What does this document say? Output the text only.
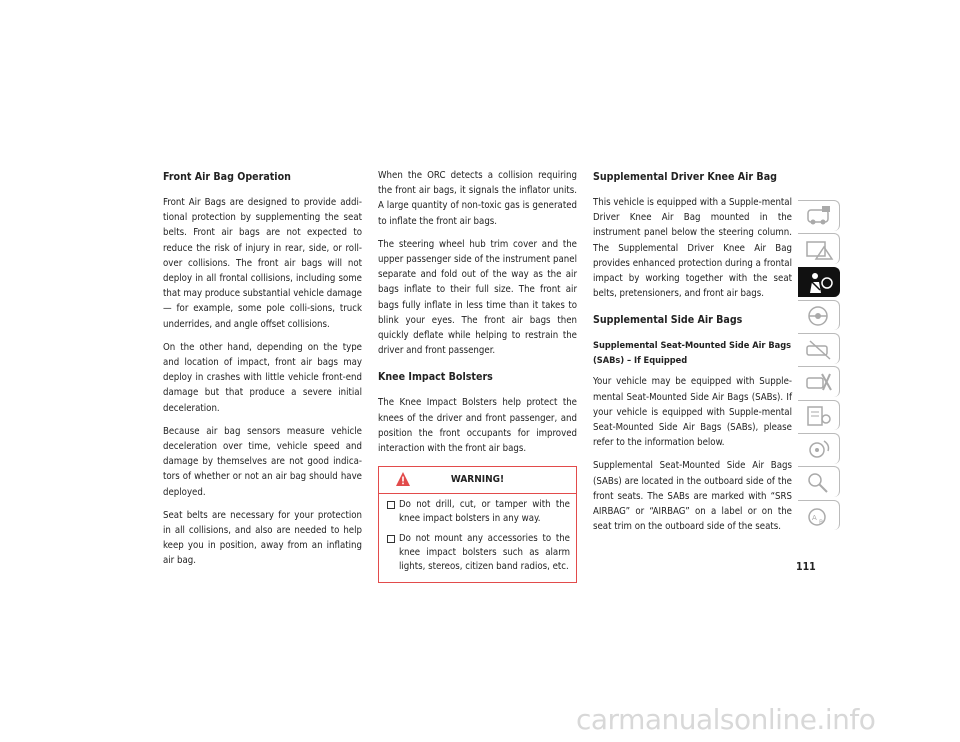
Front Air Bag Operation

Front Air Bags are designed to provide addi-tional protection by supplementing the seat belts. Front air bags are not expected to reduce the risk of injury in rear, side, or roll-over collisions. The front air bags will not deploy in all frontal collisions, including some that may produce substantial vehicle damage — for example, some pole colli-sions, truck underrides, and angle offset collisions.

On the other hand, depending on the type and location of impact, front air bags may deploy in crashes with little vehicle front-end damage but that produce a severe initial deceleration.

Because air bag sensors measure vehicle deceleration over time, vehicle speed and damage by themselves are not good indica-tors of whether or not an air bag should have deployed.

Seat belts are necessary for your protection in all collisions, and also are needed to help keep you in position, away from an inflating air bag.

When the ORC detects a collision requiring the front air bags, it signals the inflator units. A large quantity of non-toxic gas is generated to inflate the front air bags.

The steering wheel hub trim cover and the upper passenger side of the instrument panel separate and fold out of the way as the air bags inflate to their full size. The front air bags fully inflate in less time than it takes to blink your eyes. The front air bags then quickly deflate while helping to restrain the driver and front passenger.

Knee Impact Bolsters

The Knee Impact Bolsters help protect the knees of the driver and front passenger, and position the front occupants for improved interaction with the front air bags.

WARNING!
Do not drill, cut, or tamper with the knee impact bolsters in any way.
Do not mount any accessories to the knee impact bolsters such as alarm lights, stereos, citizen band radios, etc.
Supplemental Driver Knee Air Bag

This vehicle is equipped with a Supple-mental Driver Knee Air Bag mounted in the instrument panel below the steering column. The Supplemental Driver Knee Air Bag provides enhanced protection during a frontal impact by working together with the seat belts, pretensioners, and front air bags.

Supplemental Side Air Bags
Supplemental Seat-Mounted Side Air Bags (SABs) – If Equipped

Your vehicle may be equipped with Supple-mental Seat-Mounted Side Air Bags (SABs). If your vehicle is equipped with Supple-mental Seat-Mounted Side Air Bags (SABs), please refer to the information below.

Supplemental Seat-Mounted Side Air Bags (SABs) are located in the outboard side of the front seats. The SABs are marked with “SRS AIRBAG” or “AIRBAG” on a label or on the seat trim on the outboard side of the seats.

A
B
111
carmanualsonline.info
